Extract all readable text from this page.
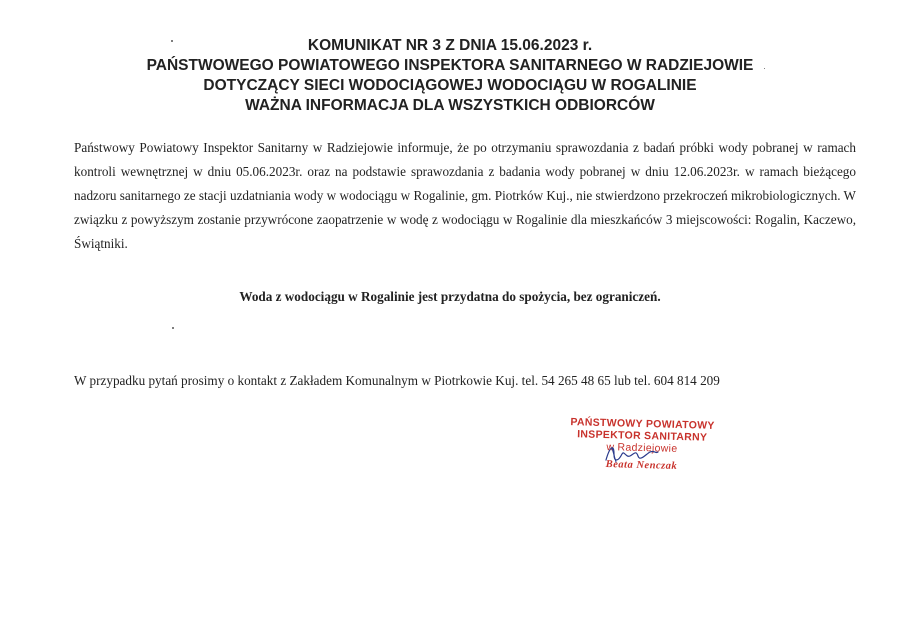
KOMUNIKAT NR 3 Z DNIA 15.06.2023 r.
PAŃSTWOWEGO POWIATOWEGO INSPEKTORA SANITARNEGO W RADZIEJOWIE
DOTYCZĄCY SIECI WODOCIĄGOWEJ WODOCIĄGU W ROGALINIE
WAŻNA INFORMACJA DLA WSZYSTKICH ODBIORCÓW
Państwowy Powiatowy Inspektor Sanitarny w Radziejowie informuje, że po otrzymaniu sprawozdania z badań próbki wody pobranej w ramach kontroli wewnętrznej w dniu 05.06.2023r. oraz na podstawie sprawozdania z badania wody pobranej w dniu 12.06.2023r. w ramach bieżącego nadzoru sanitarnego ze stacji uzdatniania wody w wodociągu w Rogalinie, gm. Piotrków Kuj., nie stwierdzono przekroczeń mikrobiologicznych. W związku z powyższym zostanie przywrócone zaopatrzenie w wodę z wodociągu w Rogalinie dla mieszkańców 3 miejscowości: Rogalin, Kaczewo, Świątniki.
Woda z wodociągu w Rogalinie jest przydatna do spożycia, bez ograniczeń.
W przypadku pytań prosimy o kontakt z Zakładem Komunalnym w Piotrkowie Kuj. tel. 54 265 48 65 lub tel. 604 814 209
PAŃSTWOWY POWIATOWY
INSPEKTOR SANITARNY
w Radziejowie
Beata Nenczak
